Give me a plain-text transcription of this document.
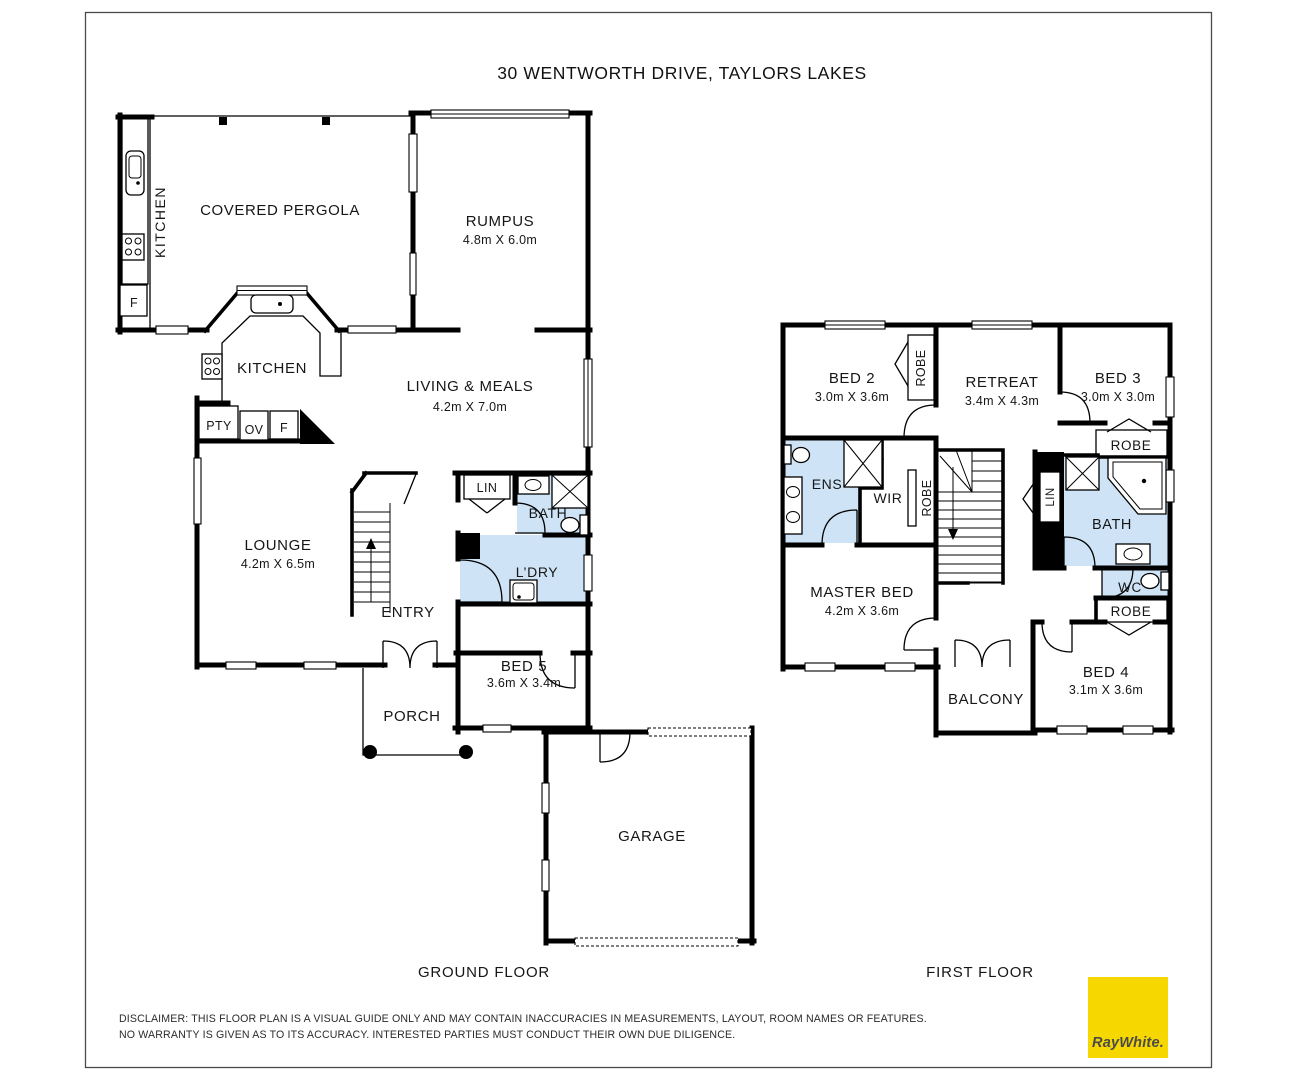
30 WENTWORTH DRIVE, TAYLORS LAKES
COVERED PERGOLA
KITCHEN	RUMPUS
4.8m X 6.0m
KITCHEN
PTY OV F
F
LIVING & MEALS
4.2m X 7.0m
LOUNGE
4.2m X 6.5m
LIN
BATH
L’DRY
ENTRY
BED 5
3.6m X 3.4m
PORCH
GARAGE
BED 2
3.0m X 3.6m
ROBE RETREAT
3.4m X 4.3m
BED 3
3.0m X 3.0m
ROBE
ENS
WIR ROBE	LIN
BATH
WC
ROBE
MASTER BED
4.2m X 3.6m
BALCONY
BED 4
3.1m X 3.6m
GROUND FLOOR	FIRST FLOOR
DISCLAIMER: THIS FLOOR PLAN IS A VISUAL GUIDE ONLY AND MAY CONTAIN INACCURACIES IN MEASUREMENTS, LAYOUT, ROOM NAMES OR FEATURES.
NO WARRANTY IS GIVEN AS TO ITS ACCURACY. INTERESTED PARTIES MUST CONDUCT THEIR OWN DUE DILIGENCE.	RayWhite.
